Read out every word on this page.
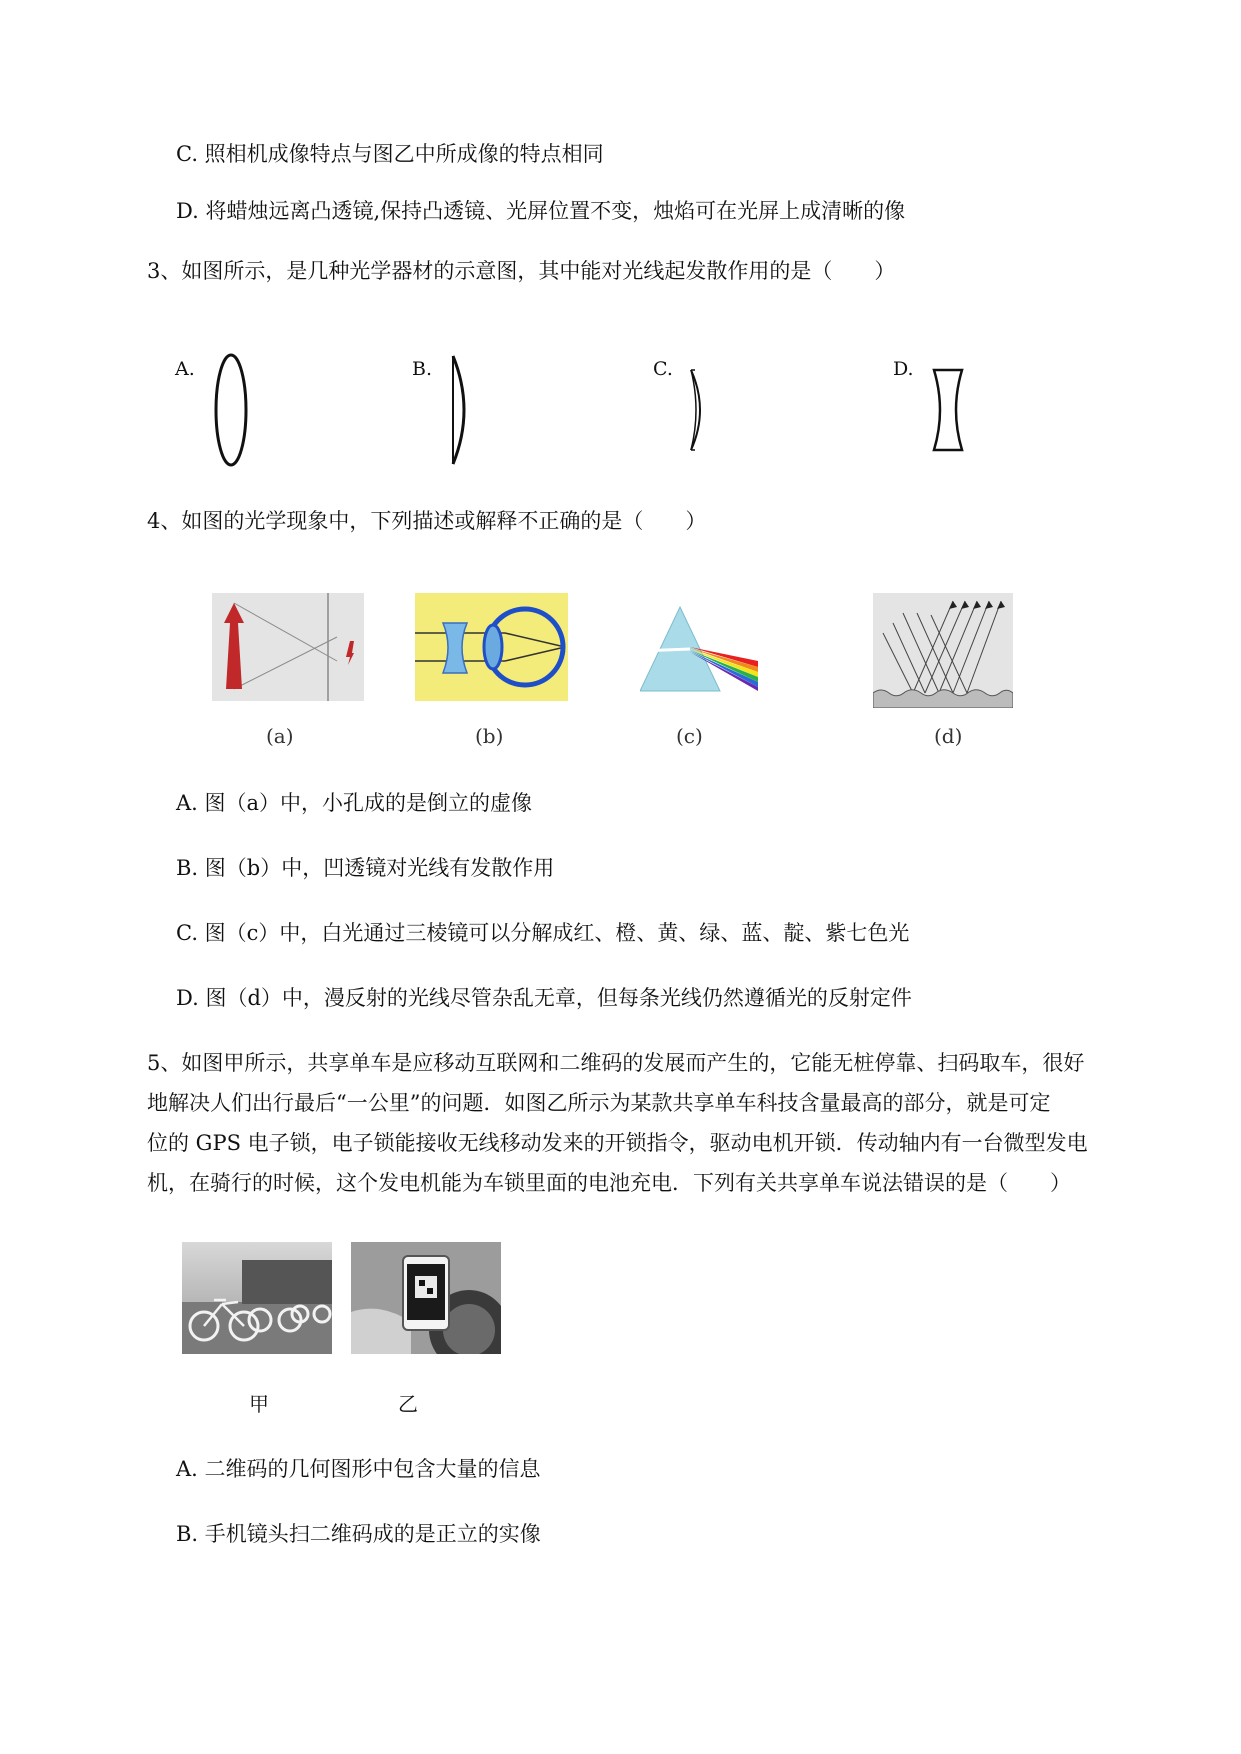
C. 照相机成像特点与图乙中所成像的特点相同
D. 将蜡烛远离凸透镜,保持凸透镜、光屏位置不变，烛焰可在光屏上成清晰的像
3、如图所示，是几种光学器材的示意图，其中能对光线起发散作用的是（　　）
A.	B.	C.	D.
4、如图的光学现象中，下列描述或解释不正确的是（　　）
(a)	(b)	(c)	(d)
A. 图（a）中，小孔成的是倒立的虚像
B. 图（b）中，凹透镜对光线有发散作用
C. 图（c）中，白光通过三棱镜可以分解成红、橙、黄、绿、蓝、靛、紫七色光
D. 图（d）中，漫反射的光线尽管杂乱无章，但每条光线仍然遵循光的反射定件
5、如图甲所示，共享单车是应移动互联网和二维码的发展而产生的，它能无桩停靠、扫码取车，很好
地解决人们出行最后“一公里”的问题．如图乙所示为某款共享单车科技含量最高的部分，就是可定
位的 GPS 电子锁，电子锁能接收无线移动发来的开锁指令，驱动电机开锁．传动轴内有一台微型发电
机，在骑行的时候，这个发电机能为车锁里面的电池充电．下列有关共享单车说法错误的是（　　）
甲	乙
A. 二维码的几何图形中包含大量的信息
B. 手机镜头扫二维码成的是正立的实像
